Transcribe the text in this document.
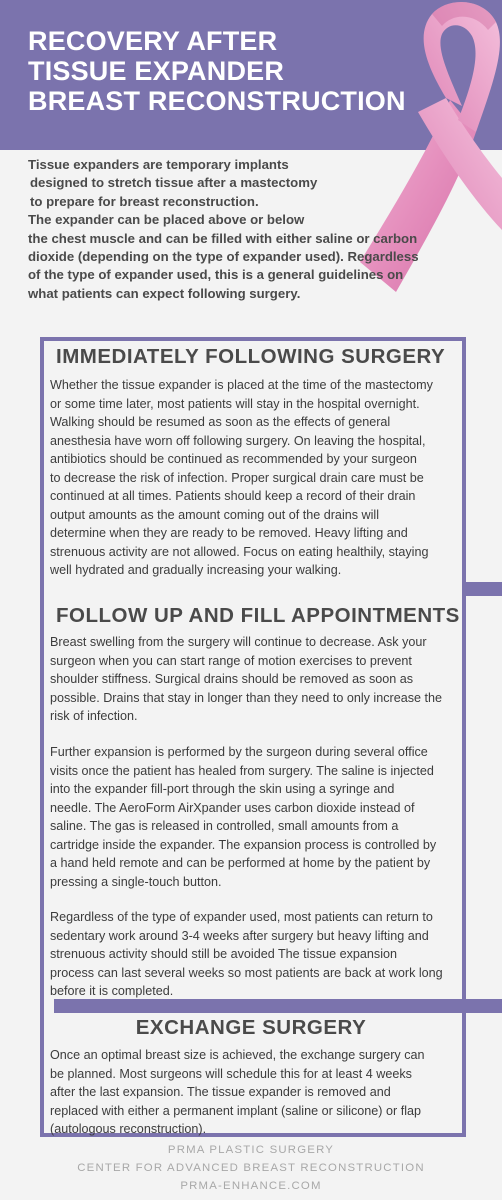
RECOVERY AFTER
TISSUE EXPANDER
BREAST RECONSTRUCTION
Tissue expanders are temporary implants
designed to stretch tissue after a mastectomy
to prepare for breast reconstruction.
The expander can be placed above or below
the chest muscle and can be filled with either saline or carbon
dioxide (depending on the type of expander used). Regardless
of the type of expander used, this is a general guidelines on
what patients can expect following surgery.
IMMEDIATELY FOLLOWING SURGERY
Whether the tissue expander is placed at the time of the mastectomy
or some time later, most patients will stay in the hospital overnight.
Walking should be resumed as soon as the effects of general
anesthesia have worn off following surgery. On leaving the hospital,
antibiotics should be continued as recommended by your surgeon
to decrease the risk of infection. Proper surgical drain care must be
continued at all times. Patients should keep a record of their drain
output amounts as the amount coming out of the drains will
determine when they are ready to be removed. Heavy lifting and
strenuous activity are not allowed. Focus on eating healthily, staying
well hydrated and gradually increasing your walking.
FOLLOW UP AND FILL APPOINTMENTS
Breast swelling from the surgery will continue to decrease. Ask your
surgeon when you can start range of motion exercises to prevent
shoulder stiffness. Surgical drains should be removed as soon as
possible. Drains that stay in longer than they need to only increase the
risk of infection.
Further expansion is performed by the surgeon during several office
visits once the patient has healed from surgery. The saline is injected
into the expander fill-port through the skin using a syringe and
needle. The AeroForm AirXpander uses carbon dioxide instead of
saline. The gas is released in controlled, small amounts from a
cartridge inside the expander. The expansion process is controlled by
a hand held remote and can be performed at home by the patient by
pressing a single-touch button.
Regardless of the type of expander used, most patients can return to
sedentary work around 3-4 weeks after surgery but heavy lifting and
strenuous activity should still be avoided The tissue expansion
process can last several weeks so most patients are back at work long
before it is completed.
EXCHANGE SURGERY
Once an optimal breast size is achieved, the exchange surgery can
be planned. Most surgeons will schedule this for at least 4 weeks
after the last expansion. The tissue expander is removed and
replaced with either a permanent implant (saline or silicone) or flap
(autologous reconstruction).
PRMA PLASTIC SURGERY
CENTER FOR ADVANCED BREAST RECONSTRUCTION
PRMA-ENHANCE.COM
